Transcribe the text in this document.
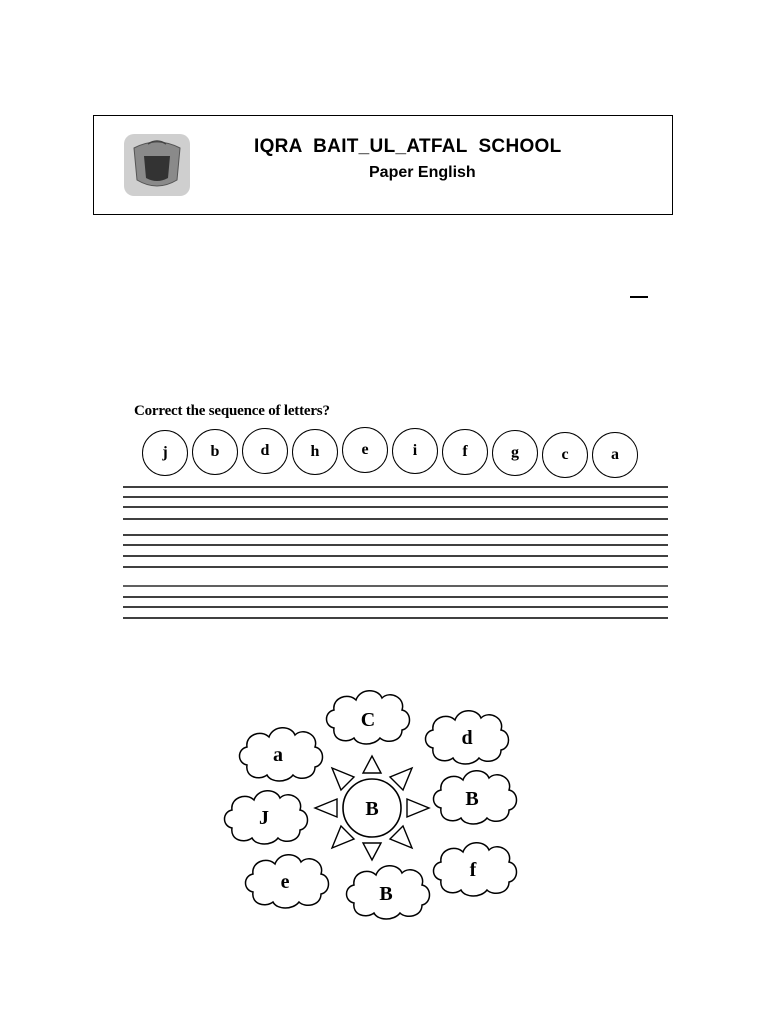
IQRA  BAIT_UL_ATFAL  SCHOOL
Paper English
Correct the sequence of letters?
j	b	d	h	e	i	f	g	c	a
C
d
a
B
J
e
f
B
B
